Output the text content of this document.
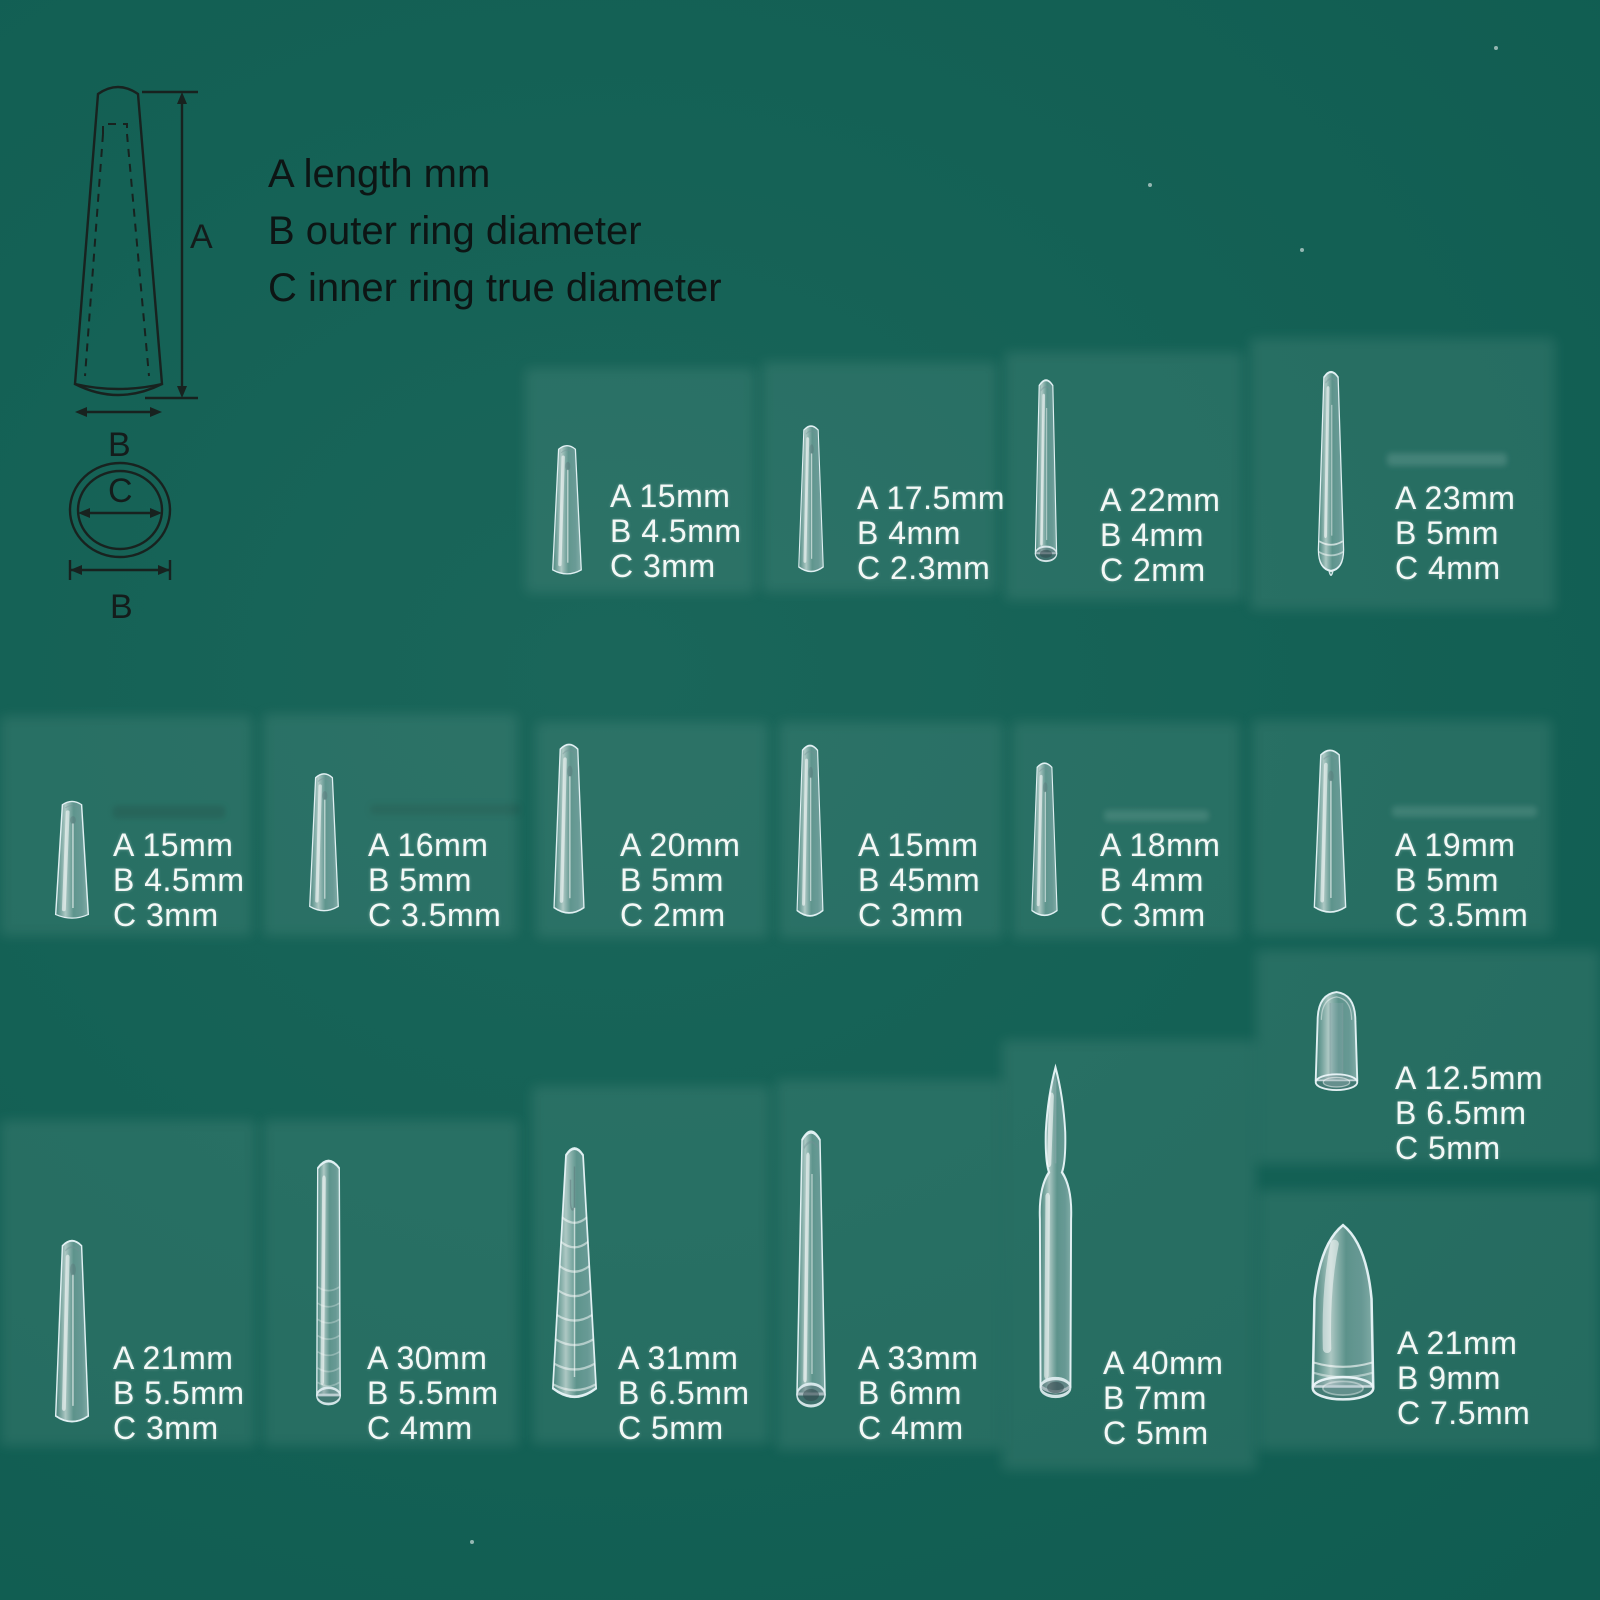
A
B
C
B
A length mm
B outer ring diameter
C inner ring true diameter
A 15mm
B 4.5mm
C 3mm
A 17.5mm
B 4mm
C 2.3mm
A 22mm
B 4mm
C 2mm
A 23mm
B 5mm
C 4mm
A 15mm
B 4.5mm
C 3mm
A 16mm
B 5mm
C 3.5mm
A 20mm
B 5mm
C 2mm
A 15mm
B 45mm
C 3mm
A 18mm
B 4mm
C 3mm
A 19mm
B 5mm
C 3.5mm
A 12.5mm
B 6.5mm
C 5mm
A 21mm
B 5.5mm
C 3mm
A 30mm
B 5.5mm
C 4mm
A 31mm
B 6.5mm
C 5mm
A 33mm
B 6mm
C 4mm
A 40mm
B 7mm
C 5mm
A 21mm
B 9mm
C 7.5mm
